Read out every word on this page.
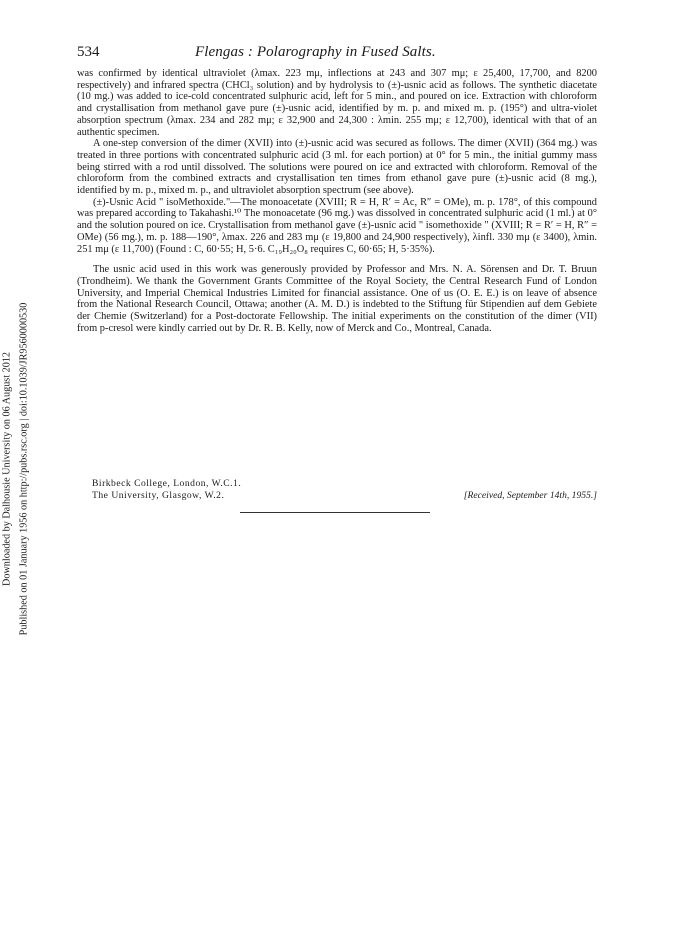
Downloaded by Dalhousie University on 06 August 2012 Published on 01 January 1956 on http://pubs.rsc.org | doi:10.1039/JR9560000530
534	Flengas : Polarography in Fused Salts.

was confirmed by identical ultraviolet (λmax. 223 mμ, inflections at 243 and 307 mμ; ε 25,400, 17,700, and 8200 respectively) and infrared spectra (CHCl₃ solution) and by hydrolysis to (±)-usnic acid as follows. The synthetic diacetate (10 mg.) was added to ice-cold concentrated sulphuric acid, left for 5 min., and poured on ice. Extraction with chloroform and crystallisation from methanol gave pure (±)-usnic acid, identified by m. p. and mixed m. p. (195°) and ultra-violet absorption spectrum (λmax. 234 and 282 mμ; ε 32,900 and 24,300 : λmin. 255 mμ; ε 12,700), identical with that of an authentic specimen.

A one-step conversion of the dimer (XVII) into (±)-usnic acid was secured as follows. The dimer (XVII) (364 mg.) was treated in three portions with concentrated sulphuric acid (3 ml. for each portion) at 0° for 5 min., the initial gummy mass being stirred with a rod until dissolved. The solutions were poured on ice and extracted with chloroform. Removal of the chloroform from the combined extracts and crystallisation ten times from ethanol gave pure (±)-usnic acid (8 mg.), identified by m. p., mixed m. p., and ultraviolet absorption spectrum (see above).

(±)-Usnic Acid " isoMethoxide."—The monoacetate (XVIII; R = H, R′ = Ac, R″ = OMe), m. p. 178°, of this compound was prepared according to Takahashi.¹⁰ The monoacetate (96 mg.) was dissolved in concentrated sulphuric acid (1 ml.) at 0° and the solution poured on ice. Crystallisation from methanol gave (±)-usnic acid " isomethoxide " (XVIII; R = R′ = H, R″ = OMe) (56 mg.), m. p. 188—190°, λmax. 226 and 283 mμ (ε 19,800 and 24,900 respectively), λinfl. 330 mμ (ε 3400), λmin. 251 mμ (ε 11,700) (Found : C, 60·55; H, 5·6. C₁₉H₂₀O₈ requires C, 60·65; H, 5·35%).

The usnic acid used in this work was generously provided by Professor and Mrs. N. A. Sörensen and Dr. T. Bruun (Trondheim). We thank the Government Grants Committee of the Royal Society, the Central Research Fund of London University, and Imperial Chemical Industries Limited for financial assistance. One of us (O. E. E.) is on leave of absence from the National Research Council, Ottawa; another (A. M. D.) is indebted to the Stiftung für Stipendien auf dem Gebiete der Chemie (Switzerland) for a Post-doctorate Fellowship. The initial experiments on the constitution of the dimer (VII) from p-cresol were kindly carried out by Dr. R. B. Kelly, now of Merck and Co., Montreal, Canada.

Birkbeck College, London, W.C.1.
The University, Glasgow, W.2.	[Received, September 14th, 1955.]
